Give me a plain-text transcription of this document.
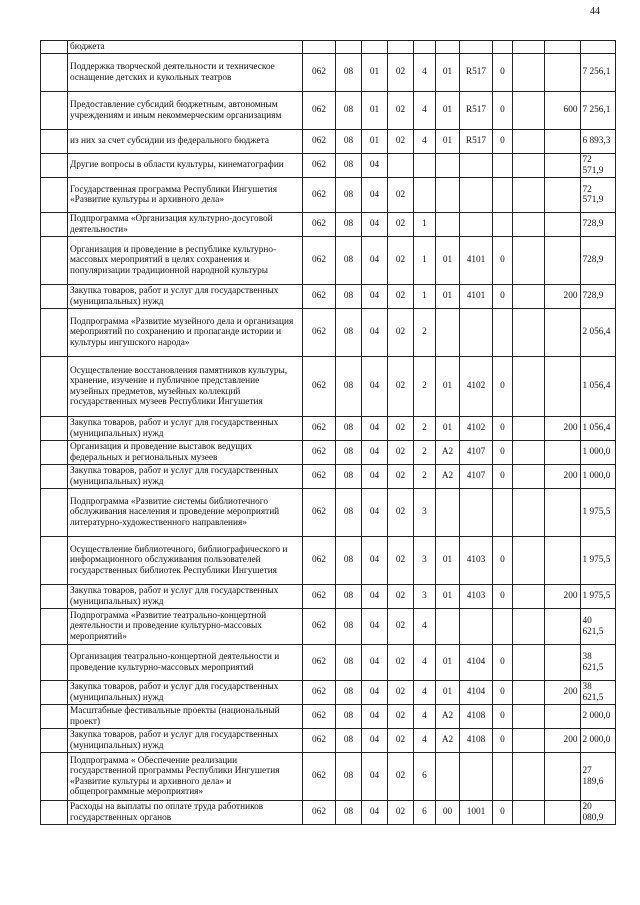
44
	бюджета											
	Поддержка творческой деятельности и техническое оснащение детских и кукольных театров	062	08	01	02	4	01	R517	0			7 256,1
	Предоставление субсидий бюджетным, автономным учреждениям и иным некоммерческим организациям	062	08	01	02	4	01	R517	0		600	7 256,1
	из них за счет субсидии из федерального бюджета	062	08	01	02	4	01	R517	0			6 893,3
	Другие вопросы в области культуры, кинематографии	062	08	04								72 571,9
	Государственная программа Республики Ингушетия «Развитие культуры и архивного дела»	062	08	04	02							72 571,9
	Подпрограмма «Организация культурно-досуговой деятельности»	062	08	04	02	1						728,9
	Организация и проведение в республике культурно-массовых мероприятий в целях сохранения и популяризации традиционной народной культуры	062	08	04	02	1	01	4101	0			728,9
	Закупка товаров, работ и услуг для государственных (муниципальных) нужд	062	08	04	02	1	01	4101	0		200	728,9
	Подпрограмма «Развитие музейного дела и организация мероприятий по сохранению и пропаганде истории и культуры ингушского народа»	062	08	04	02	2						2 056,4
	Осуществление восстановления памятников культуры, хранение, изучение и публичное представление музейных предметов, музейных коллекций государственных музеев Республики Ингушетия	062	08	04	02	2	01	4102	0			1 056,4
	Закупка товаров, работ и услуг для государственных (муниципальных) нужд	062	08	04	02	2	01	4102	0		200	1 056,4
	Организация и проведение выставок ведущих федеральных и региональных музеев	062	08	04	02	2	A2	4107	0			1 000,0
	Закупка товаров, работ и услуг для государственных (муниципальных) нужд	062	08	04	02	2	A2	4107	0		200	1 000,0
	Подпрограмма «Развитие системы библиотечного обслуживания населения и проведение мероприятий литературно-художественного направления»	062	08	04	02	3						1 975,5
	Осуществление библиотечного, библиографического и информационного обслуживания пользователей государственных библиотек Республики Ингушетия	062	08	04	02	3	01	4103	0			1 975,5
	Закупка товаров, работ и услуг для государственных (муниципальных) нужд	062	08	04	02	3	01	4103	0		200	1 975,5
	Подпрограмма «Развитие театрально-концертной деятельности и проведение культурно-массовых мероприятий»	062	08	04	02	4						40 621,5
	Организация театрально-концертной деятельности и проведение культурно-массовых мероприятий	062	08	04	02	4	01	4104	0			38 621,5
	Закупка товаров, работ и услуг для государственных (муниципальных) нужд	062	08	04	02	4	01	4104	0		200	38 621,5
	Масштабные фестивальные проекты (национальный проект)	062	08	04	02	4	A2	4108	0			2 000,0
	Закупка товаров, работ и услуг для государственных (муниципальных) нужд	062	08	04	02	4	A2	4108	0		200	2 000,0
	Подпрограмма « Обеспечение реализации государственной программы Республики Ингушетия «Развитие культуры и архивного дела» и общепрограммные мероприятия»	062	08	04	02	6						27 189,6
	Расходы на выплаты по оплате труда работников государственных органов	062	08	04	02	6	00	1001	0			20 080,9
